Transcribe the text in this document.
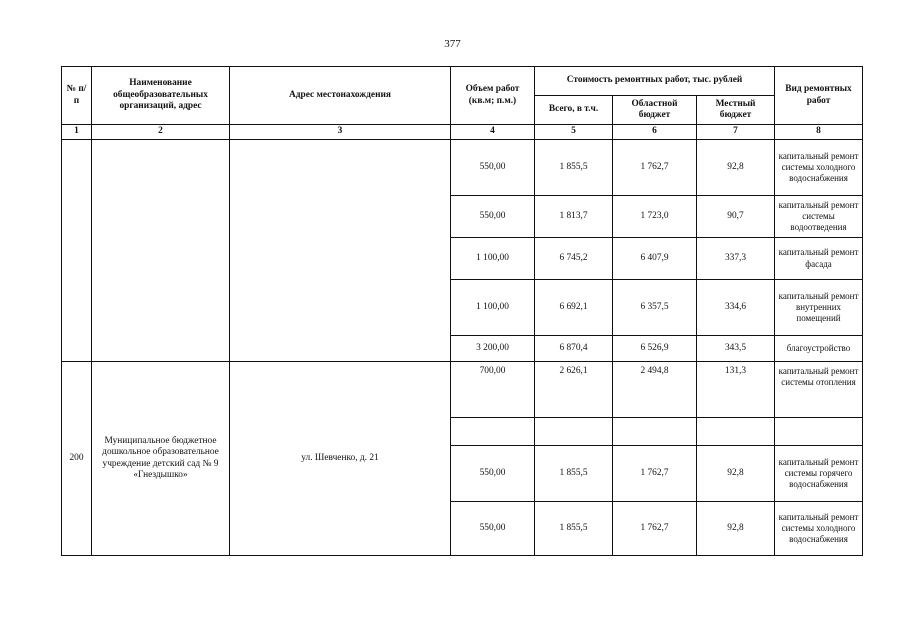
377
№ п/п	Наименование общеобразовательных организаций, адрес	Адрес местонахождения	Объем работ (кв.м; п.м.)	Стоимость ремонтных работ, тыс. рублей			Вид ремонтных работ
				Всего, в т.ч.	Областной бюджет	Местный бюджет	
1	2	3	4	5	6	7	8
			550,00	1 855,5	1 762,7	92,8	капитальный ремонт системы холодного водоснабжения
			550,00	1 813,7	1 723,0	90,7	капитальный ремонт системы водоотведения
			1 100,00	6 745,2	6 407,9	337,3	капитальный ремонт фасада
			1 100,00	6 692,1	6 357,5	334,6	капитальный ремонт внутренних помещений
			3 200,00	6 870,4	6 526,9	343,5	благоустройство
200	Муниципальное бюджетное дошкольное образовательное учреждение детский сад № 9 «Гнездышко»	ул. Шевченко, д. 21	700,00	2 626,1	2 494,8	131,3	капитальный ремонт системы отопления

			550,00	1 855,5	1 762,7	92,8	капитальный ремонт системы горячего водоснабжения
			550,00	1 855,5	1 762,7	92,8	капитальный ремонт системы холодного водоснабжения
